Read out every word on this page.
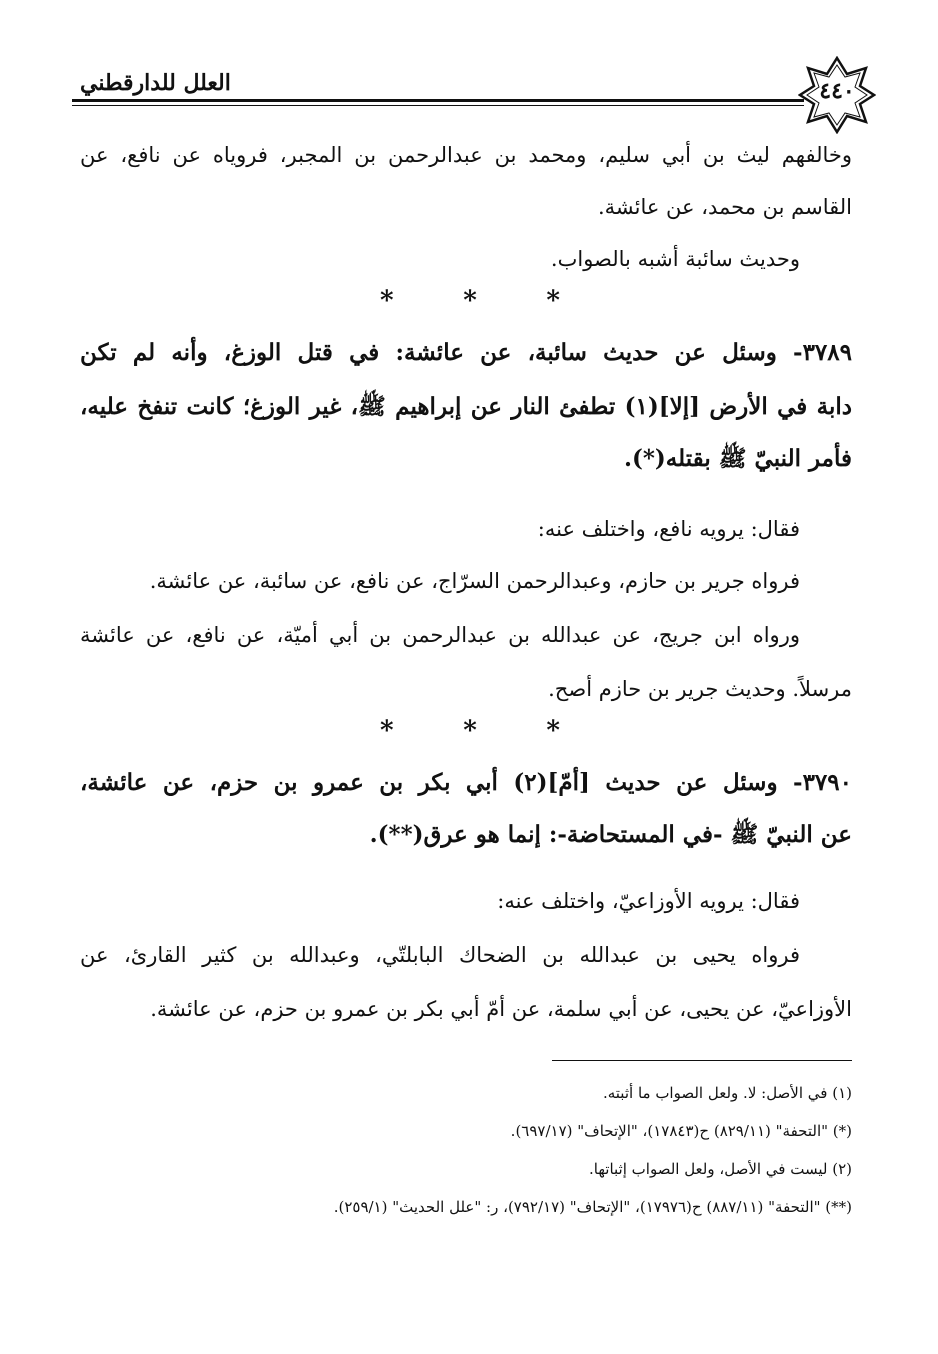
العلل للدارقطني	٤٤٠
وخالفهم ليث بن أبي سليم، ومحمد بن عبدالرحمن بن المجبر، فروياه عن نافع، عن
القاسم بن محمد، عن عائشة.
وحديث سائبة أشبه بالصواب.
*
*
*
٣٧٨٩- وسئل عن حديث سائبة، عن عائشة: في قتل الوزغ، وأنه لم تكن
دابة في الأرض [إلا](١) تطفئ النار عن إبراهيم ﷺ، غير الوزغ؛ كانت تنفخ عليه،
فأمر النبيّ ﷺ بقتله(*).
فقال: يرويه نافع، واختلف عنه:
فرواه جرير بن حازم، وعبدالرحمن السرّاج، عن نافع، عن سائبة، عن عائشة.
ورواه ابن جريج، عن عبدالله بن عبدالرحمن بن أبي أميّة، عن نافع، عن عائشة
مرسلاً. وحديث جرير بن حازم أصح.
*
*
*
٣٧٩٠- وسئل عن حديث [أمّ](٢) أبي بكر بن عمرو بن حزم، عن عائشة،
عن النبيّ ﷺ -في المستحاضة-: إنما هو عرق(**).
فقال: يرويه الأوزاعيّ، واختلف عنه:
فرواه يحيى بن عبدالله بن الضحاك البابلتّي، وعبدالله بن كثير القارئ، عن
الأوزاعيّ، عن يحيى، عن أبي سلمة، عن أمّ أبي بكر بن عمرو بن حزم، عن عائشة.
(١) في الأصل: لا. ولعل الصواب ما أثبته.
(*) "التحفة" (٨٢٩/١١) ح(١٧٨٤٣)، "الإتحاف" (٦٩٧/١٧).
(٢) ليست في الأصل، ولعل الصواب إثباتها.
(**) "التحفة" (٨٨٧/١١) ح(١٧٩٧٦)، "الإتحاف" (٧٩٢/١٧)، ر: "علل الحديث" (٢٥٩/١).
